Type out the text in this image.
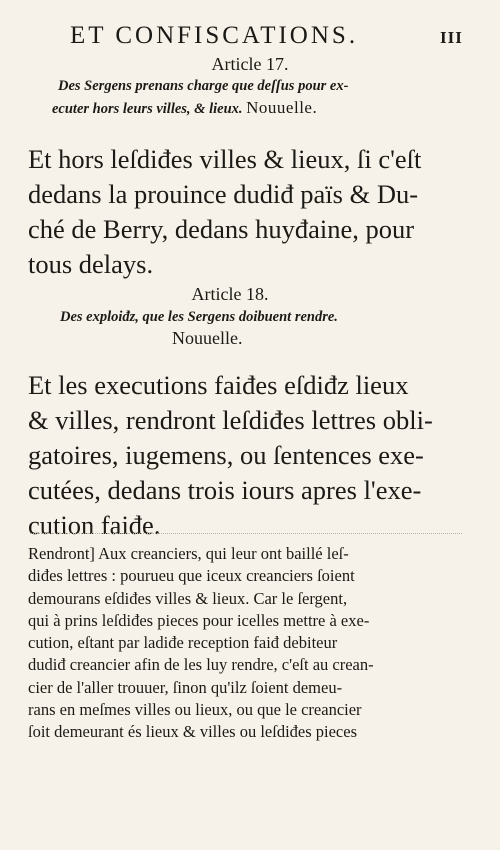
ET CONFISCATIONS.	III
Article 17.
Des Sergens prenans charge que deſſus pour ex-
ecuter hors leurs villes, & lieux. Nouuelle.
Et hors leſdiđes villes & lieux, ſi c'eſt
dedans la prouince dudiđ païs & Du-
ché de Berry, dedans huyđaine, pour
tous delays.
Article 18.
Des exploiđz, que les Sergens doibuent rendre.
Nouuelle.
Et les executions faiđes eſdiđz lieux
& villes, rendront leſdiđes lettres obli-
gatoires, iugemens, ou ſentences exe-
cutées, dedans trois iours apres l'exe-
cution faiđe.
Rendront] Aux creanciers, qui leur ont baillé leſ-
diđes lettres : pourueu que iceux creanciers ſoient
demourans eſdiđes villes & lieux. Car le ſergent,
qui à prins leſdiđes pieces pour icelles mettre à exe-
cution, eſtant par ladiđe reception faiđ debiteur
dudiđ creancier afin de les luy rendre, c'eſt au crean-
cier de l'aller trouuer, ſinon qu'ilz ſoient demeu-
rans en meſmes villes ou lieux, ou que le creancier
ſoit demeurant és lieux & villes ou leſdiđes pieces
